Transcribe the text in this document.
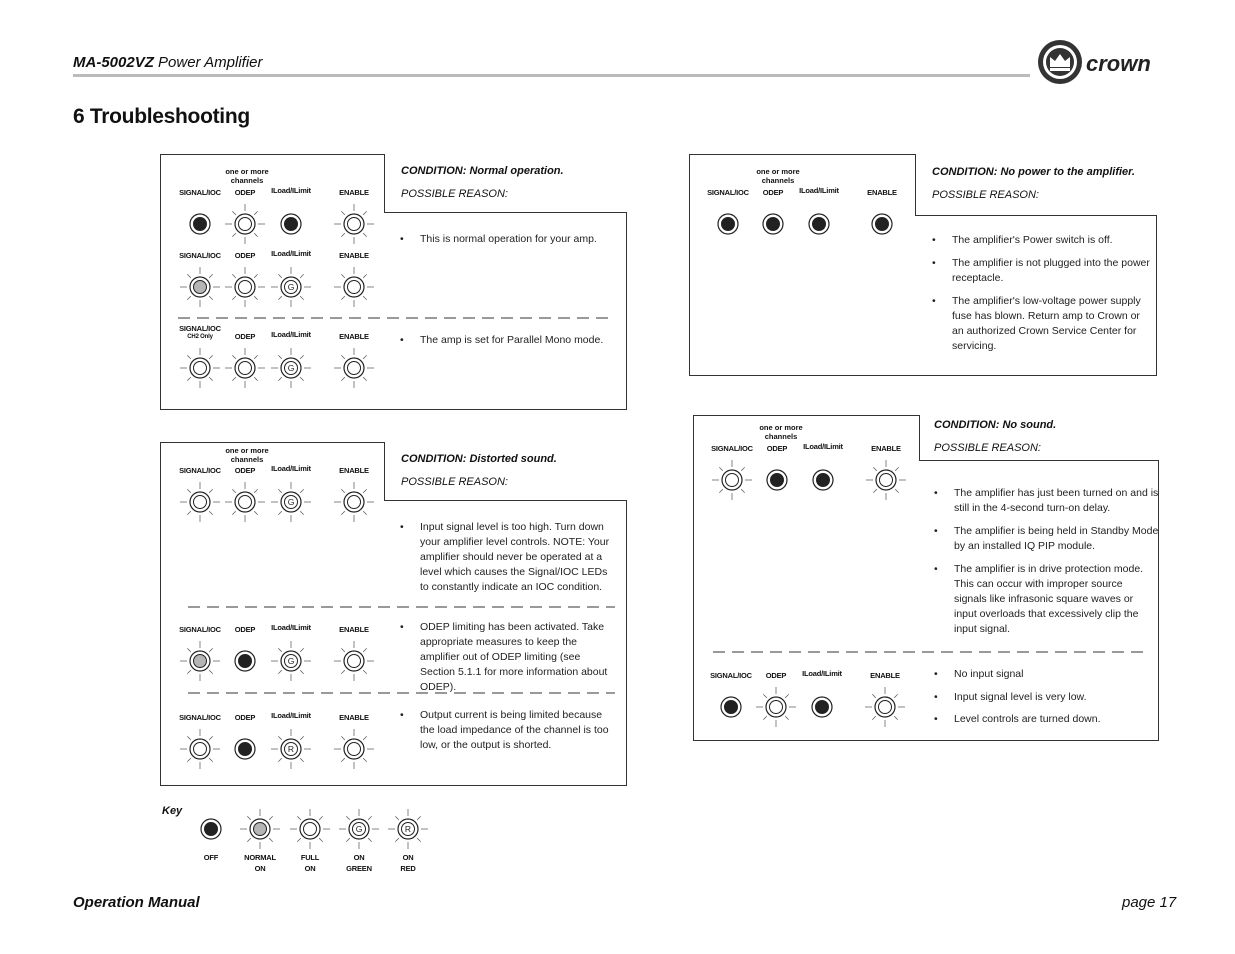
MA-5002VZ Power Amplifier	crown
6 Troubleshooting
one or more
channels
SIGNAL/IOC	ODEP	ILoad/ILimit	ENABLE
SIGNAL/IOC	ODEP	ILoad/ILimit	ENABLE
G
SIGNAL/IOC
CH2 Only	ODEP	ILoad/ILimit	ENABLE
G
CONDITION: Normal operation.
POSSIBLE REASON:
• This is normal operation for your amp.
• The amp is set for Parallel Mono mode.
one or more
channels
SIGNAL/IOC	ODEP	ILoad/ILimit	ENABLE
G
SIGNAL/IOC	ODEP	ILoad/ILimit	ENABLE
G
SIGNAL/IOC	ODEP	ILoad/ILimit	ENABLE
R
CONDITION: Distorted sound.
POSSIBLE REASON:
• Input signal level is too high. Turn down your amplifier level controls. NOTE: Your amplifier should never be operated at a level which causes the Signal/IOC LEDs to constantly indicate an IOC condition.
• ODEP limiting has been activated. Take appropriate measures to keep the amplifier out of ODEP limiting (see Section 5.1.1 for more information about ODEP).
• Output current is being limited because the load impedance of the channel is too low, or the output is shorted.
one or more
channels
SIGNAL/IOC	ODEP	ILoad/ILimit	ENABLE
CONDITION: No power to the amplifier.
POSSIBLE REASON:
• The amplifier's Power switch is off.
• The amplifier is not plugged into the power receptacle.
• The amplifier's low-voltage power supply fuse has blown. Return amp to Crown or an authorized Crown Service Center for servicing.
one or more
channels
SIGNAL/IOC	ODEP	ILoad/ILimit	ENABLE
SIGNAL/IOC	ODEP	ILoad/ILimit	ENABLE
CONDITION: No sound.
POSSIBLE REASON:
• The amplifier has just been turned on and is still in the 4-second turn-on delay.
• The amplifier is being held in Standby Mode by an installed IQ PIP module.
• The amplifier is in drive protection mode. This can occur with improper source signals like infrasonic square waves or input overloads that excessively clip the input signal.
• No input signal
• Input signal level is very low.
• Level controls are turned down.
Key
OFF	NORMAL
ON
FULL
ON
ON
GREEN
ON
RED
G	R
Operation Manual	page 17
